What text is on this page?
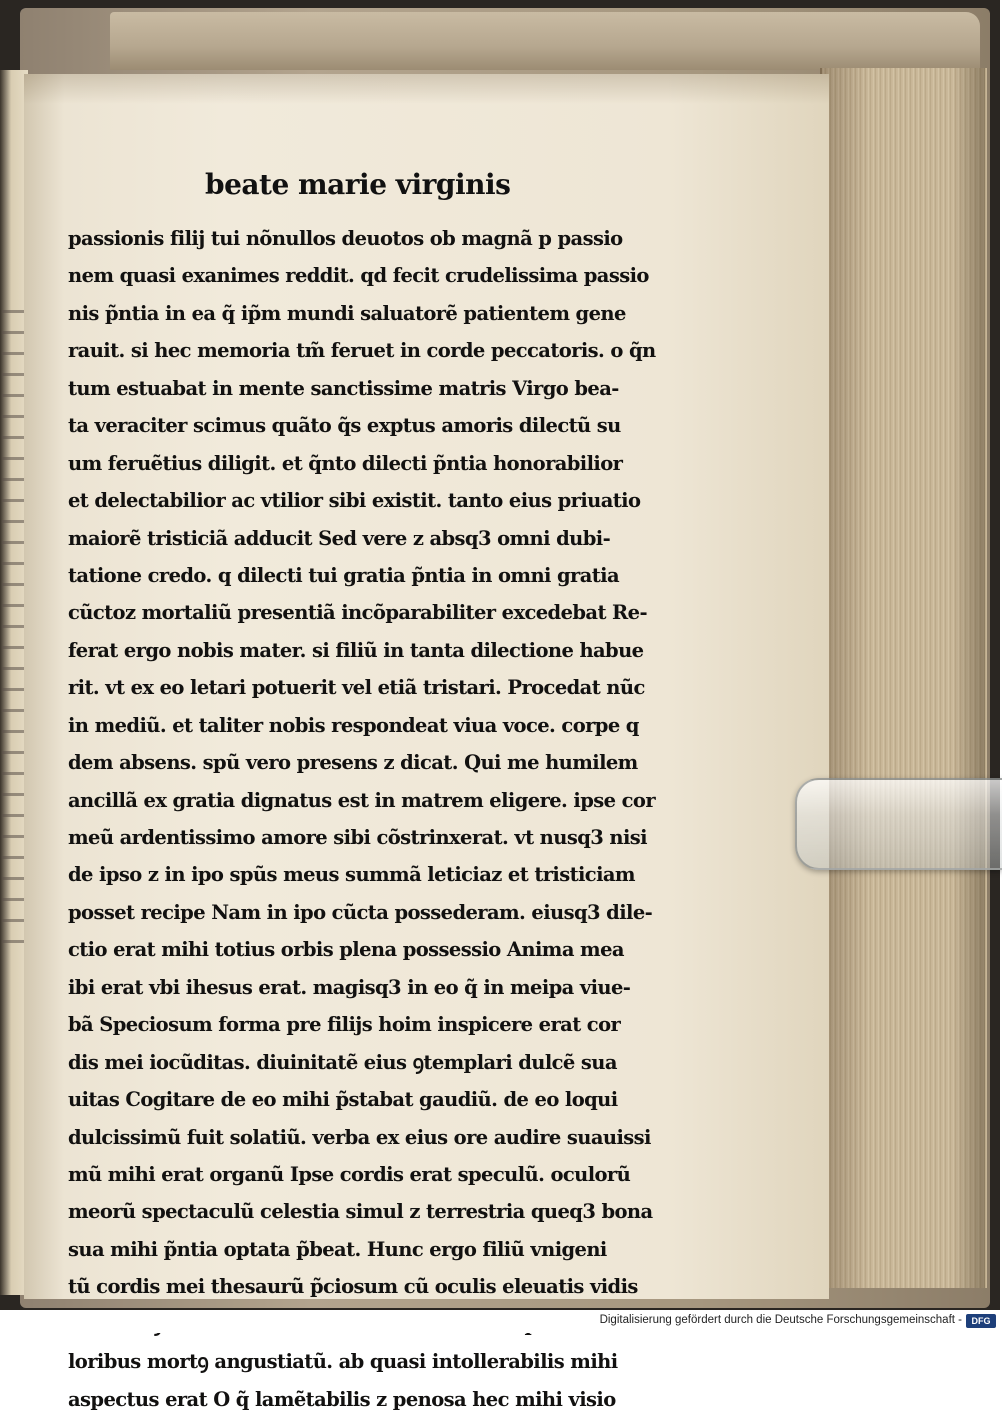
beate marie virginis
passionis filij tui nõnullos deuotos ob magnã p passio
nem quasi exanimes reddit. qd fecit crudelissima passio
nis p̃ntia in ea q̃ ip̃m mundi saluatorẽ patientem gene
rauit. si hec memoria tm̃ feruet in corde peccatoris. o q̃n
tum estuabat in mente sanctissime matris Virgo bea-
ta veraciter scimus quãto q̃s exptus amoris dilectũ su
um feruẽtius diligit. et q̃nto dilecti p̃ntia honorabilior
et delectabilior ac vtilior sibi existit. tanto eius priuatio
maiorẽ tristiciã adducit Sed vere z absq3 omni dubi-
tatione credo. q dilecti tui gratia p̃ntia in omni gratia
cũctoz mortaliũ presentiã incõparabiliter excedebat Re-
ferat ergo nobis mater. si filiũ in tanta dilectione habue
rit. vt ex eo letari potuerit vel etiã tristari. Procedat nũc
in mediũ. et taliter nobis respondeat viua voce. corpe q
dem absens. spũ vero presens z dicat. Qui me humilem
ancillã ex gratia dignatus est in matrem eligere. ipse cor
meũ ardentissimo amore sibi cõstrinxerat. vt nusq3 nisi
de ipso z in ipo spũs meus summã leticiaz et tristiciam
posset recipe Nam in ipo cũcta possederam. eiusq3 dile-
ctio erat mihi totius orbis plena possessio Anima mea
ibi erat vbi ihesus erat. magisq3 in eo q̃ in meipa viue-
bã Speciosum forma pre filijs hoim inspicere erat cor
dis mei iocũditas. diuinitatẽ eius ꝯtemplari dulcẽ sua
uitas Cogitare de eo mihi p̃stabat gaudiũ. de eo loqui
dulcissimũ fuit solatiũ. verba ex eius ore audire suauissi
mũ mihi erat organũ Ipse cordis erat speculũ. oculorũ
meorũ spectaculũ celestia simul z terrestria queq3 bona
sua mihi p̃ntia optata p̃beat. Hunc ergo filiũ vnigeni
tũ cordis mei thesaurũ p̃ciosum cũ oculis eleuatis vidis
loribus mortꝯ angustiatũ. ab quasi intollerabilis mihi
aspectus erat O q̃ lamẽtabilis z penosa hec mihi visio
Digitalisierung gefördert durch die Deutsche Forschungsgemeinschaft -	DFG
